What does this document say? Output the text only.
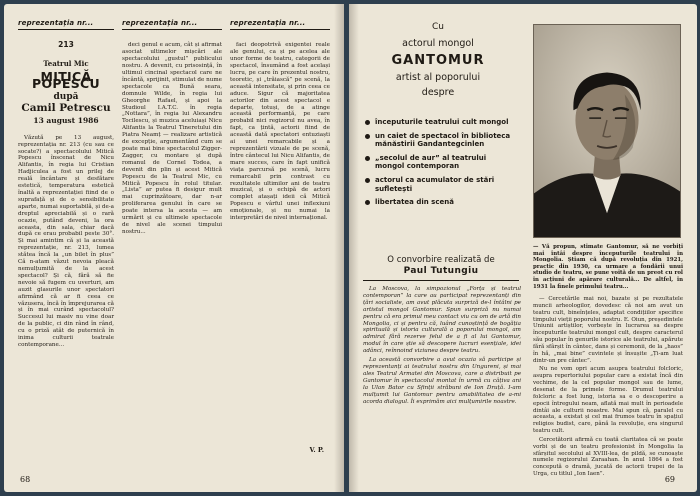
reprezentația nr...
213
Teatrul Mic
MITICĂ POPESCU
după
Camil Petrescu
13 august 1986
Văzută pe 13 august, reprezentația nr. 213 (cu sau ce socate?) a spectacolului Mitică Popescu înscenat de Nicu Alifantis, în regia lui Cristian Hadjiculea a fost un prilej de reală încântare și desfătare estetică, temperatura estetică înaltă a reprezentației fiind de o suprafață și de o sensibilitate aparte, numai suportabilă, și de-a dreptul apreciabilă și o rară ocazie, putând deveni, la ora aceasta, din sala, chiar dacă după ce erau probabil peste 30°. Și mai amintim că și la această reprezentație, nr. 213, lumea stătea încă la „un bilet în plus” Că n-atam văzut nevoia pleacă nemulțumită de la acest spectacol? Și că, fără să fie nevoie să fugem cu uverturi, am auzit glasurile unor spectatori afirmând că ar fi ceea ce văzusera, încă în împrejurarea că și în mai curând spectacolul? Succesul lui masiv nu vine doar de la public, ci din rând în rând, cu o priză atât de puternică în inima culturii teatrale contemporane...
reprezentația nr...
deci genul e acum, cât și afirmat asociat ultimelor mișcări ale spectacolului „gustul” publicului nostru. A devenit, cu prisosință, în ultimul cincinal spectacol care ne încântă, sprijinit, stimulat de nume spectacole ca Bună seara, domnule Wilde, în regia lui Gheorghe Rafael, și apoi la Studioul I.A.T.C. în regia „Nottara”, în regia lui Alexandru Tocilescu, și muzica aceluiași Nicu Alifantis la Teatrul Tineretului din Piatra Neamț — realizare artistică de excepție, argumentând cum se poate mai bine spectacolul Zigger-Zagger, cu montare și după romanul de Cornel Todea, a devenit din plin și acest Mitică Popescu de la Teatrul Mic, cu Mitică Popescu în rolul titular. „Lista” ar putea fi desigur mult mai cuprinzătoare, dar n-ar proliferarea genului în care se poate intersa la acesta — am urmărit și cu ultimele spectacole de nivel ale scenei timpului nostru...
reprezentația nr...
faci deopotrivă exigentei reale ale genului, ca și pe acelea ale unor forme de teatru, categorii de spectacol, însumând a fost același lucru, pe care în prezentul nostru, teoretic, și „trăiască” pe scenă, la această intensitate, și prin ceea ce aduce. Sigur că majoritatea actorilor din acest spectacol e departe, totuși, de a atinge această performanță, pe care probabil nici regizorul nu avea, în fapt, ca țintă, actorii fiind de această dată spectatori entuziaști ai unei remarcabile și a reprezentării vizuale de pe scenă, între cântecul lui Nicu Alifantis, de mare succes, care în fapt unifică viața parcursă pe scenă, lucru remarcabil prin contrast cu rezultatele ultimilor ani de teatru muzical, și o echipă de actori complet atașați ideii că Mitică Popescu e vârful unei inflexiuni emoționale, și nu numai la interpretări de nivel internațional.
V. P.
68
Cu
actorul mongol
GANTOMUR
artist al poporului
despre
începuturile teatrului cult mongol
un caiet de spectacol în biblioteca mănăstirii Gandantegcinlen
„secolul de aur” al teatrului mongol contemporan
actorul ca acumulator de stări sufletești
libertatea din scenă
O convorbire realizată de
Paul Tutungiu

La Moscova, la simpozionul „Forța și teatrul contemporan” la care au participat reprezentanți din țări socialiste, am avut plăcuta surpriză de-l întâlni pe artistul mongol Gantomur. Spun surpriză nu numai pentru că era primul meu contact viu cu om de artă din Mongolia, ci și pentru că, luând cunoștință de bogăția spirituală și istoria culturală a poporului mongol, am admirat fără rezerve felul de a fi al lui Gantomur, modul în care știe să descopere lucruri esențiale, idei adânci, reînnoind viziunea despre teatru.

La această convorbire a avut ocazia să participe și reprezentanți ai teatrului nostru din Ungureni, și mai ales Teatrul Armatei din Moscova, care a distribuit pe Gantomur în spectacolul montat în urmă cu câțiva ani la Ulan Bator cu Sfinții străbuni de Ion Druță. I-am mulțumit lui Gantomur pentru amabilitatea de a-mi acorda dialogul. Îi exprimăm aici mulțumirile noastre.

— Vă propun, stimate Gantomur, să ne vorbiți mai întâi despre începuturile teatrului în Mongolia. Știam că după revoluția din 1921, practic din 1930, ca urmare a fondării unui studio de teatru, se pune voită de un preot cu rol în acțiuni de apărare culturală... De altfel, în 1931 la finele primului teatru...

— Cercetările mai noi, bazate și pe rezultatele muncii arheologilor, dovedesc că noi am avut un teatru cult, bineînțeles, adaptat condițiilor specifice timpului vieții poporului nostru. E. Oiun, președintele Uniunii artiștilor, vorbește în lucrarea sa despre începuturile teatrului mongol cult, despre caracterul său popular în genurile istorice ale teatrului, apărute fără sfârșit în cântec, dans și ceremonii, de la „haos” în hă, „mai bine” cuvintele și însușite „Ți-am luat dintr-un pre cântec”.

Nu ne vom opri acum asupra teatrului folcloric, asupra repertoriului popular care a existat încă din vechime, de la cel popular mongol sau de lume, desenat de la primele forme. Drumul teatrului folcloric a fost lung, istoria sa e o descoperire a epocii întregului neam, aflată mai mult în perioadele dintâi ale culturii noastre. Mai spun că, paralel cu aceasta, a existat și cel mai frumos teatru în spațiul religios budist, care, până la revoluție, era singurul teatru cult.

Cercetătorii afirmă cu toată claritatea că se poate vorbi și de un teatru profesionist în Mongolia la sfârșitul secolului al XVIII-lea, de pildă, se cunoaște numele regizorului Zaraahan. În anul 1864 a fost concepută o dramă, jucată de actorii trupei de la Urga, cu titlul „Ion Iaen”.

69
